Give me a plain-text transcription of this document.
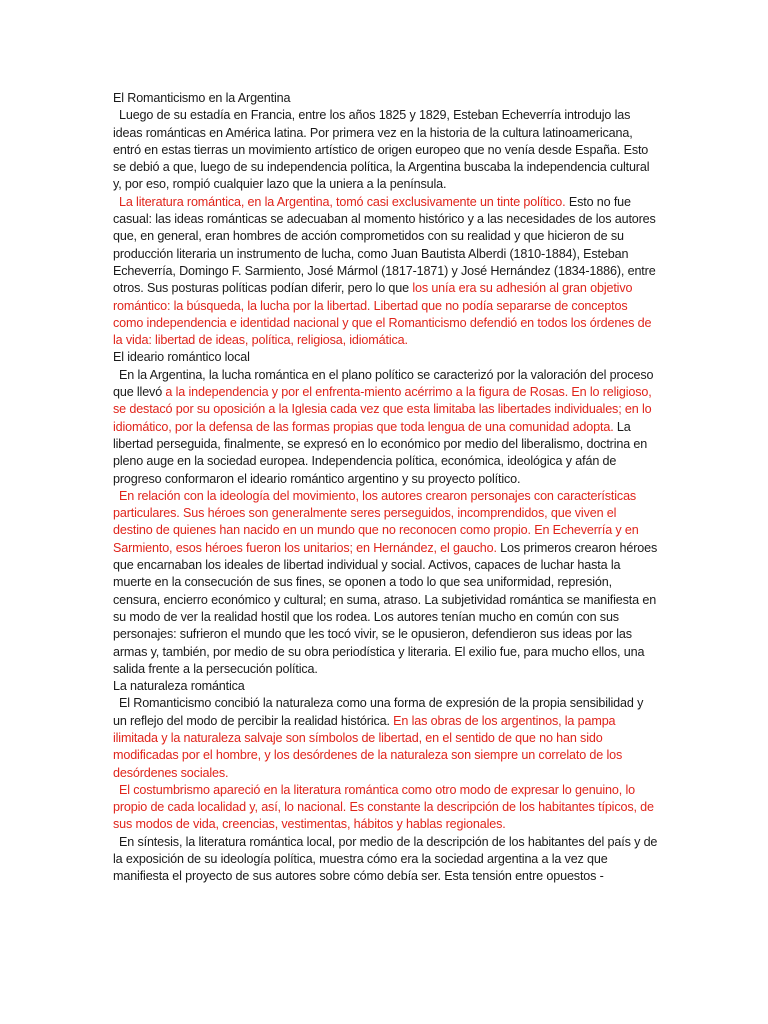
El Romanticismo en la Argentina

Luego de su estadía en Francia, entre los años 1825 y 1829, Esteban Echeverría introdujo las ideas románticas en América latina. Por primera vez en la historia de la cultura latinoamericana, entró en estas tierras un movimiento artístico de origen europeo que no venía desde España. Esto se debió a que, luego de su independencia política, la Argentina buscaba la independencia cultural y, por eso, rompió cualquier lazo que la uniera a la península.

La literatura romántica, en la Argentina, tomó casi exclusivamente un tinte político. Esto no fue casual: las ideas románticas se adecuaban al momento histórico y a las necesidades de los autores que, en general, eran hombres de acción comprometidos con su realidad y que hicieron de su producción literaria un instrumento de lucha, como Juan Bautista Alberdi (1810-1884), Esteban Echeverría, Domingo F. Sarmiento, José Mármol (1817-1871) y José Hernández (1834-1886), entre otros. Sus posturas políticas podían diferir, pero lo que los unía era su adhesión al gran objetivo romántico: la búsqueda, la lucha por la libertad. Libertad que no podía separarse de conceptos como independencia e identidad nacional y que el Romanticismo defendió en todos los órdenes de la vida: libertad de ideas, política, religiosa, idiomática.

El ideario romántico local

En la Argentina, la lucha romántica en el plano político se caracterizó por la valoración del proceso que llevó a la independencia y por el enfrenta-miento acérrimo a la figura de Rosas. En lo religioso, se destacó por su oposición a la Iglesia cada vez que esta limitaba las libertades individuales; en lo idiomático, por la defensa de las formas propias que toda lengua de una comunidad adopta. La libertad perseguida, finalmente, se expresó en lo económico por medio del liberalismo, doctrina en pleno auge en la sociedad europea. Independencia política, económica, ideológica y afán de progreso conformaron el ideario romántico argentino y su proyecto político.

En relación con la ideología del movimiento, los autores crearon personajes con características particulares. Sus héroes son generalmente seres perseguidos, incomprendidos, que viven el destino de quienes han nacido en un mundo que no reconocen como propio. En Echeverría y en Sarmiento, esos héroes fueron los unitarios; en Hernández, el gaucho. Los primeros crearon héroes que encarnaban los ideales de libertad individual y social. Activos, capaces de luchar hasta la muerte en la consecución de sus fines, se oponen a todo lo que sea uniformidad, represión, censura, encierro económico y cultural; en suma, atraso. La subjetividad romántica se manifiesta en su modo de ver la realidad hostil que los rodea. Los autores tenían mucho en común con sus personajes: sufrieron el mundo que les tocó vivir, se le opusieron, defendieron sus ideas por las armas y, también, por medio de su obra periodística y literaria. El exilio fue, para mucho ellos, una salida frente a la persecución política.

La naturaleza romántica

El Romanticismo concibió la naturaleza como una forma de expresión de la propia sensibilidad y un reflejo del modo de percibir la realidad histórica. En las obras de los argentinos, la pampa ilimitada y la naturaleza salvaje son símbolos de libertad, en el sentido de que no han sido modificadas por el hombre, y los desórdenes de la naturaleza son siempre un correlato de los desórdenes sociales.

El costumbrismo apareció en la literatura romántica como otro modo de expresar lo genuino, lo propio de cada localidad y, así, lo nacional. Es constante la descripción de los habitantes típicos, de sus modos de vida, creencias, vestimentas, hábitos y hablas regionales.

En síntesis, la literatura romántica local, por medio de la descripción de los habitantes del país y de la exposición de su ideología política, muestra cómo era la sociedad argentina a la vez que manifiesta el proyecto de sus autores sobre cómo debía ser. Esta tensión entre opuestos -
